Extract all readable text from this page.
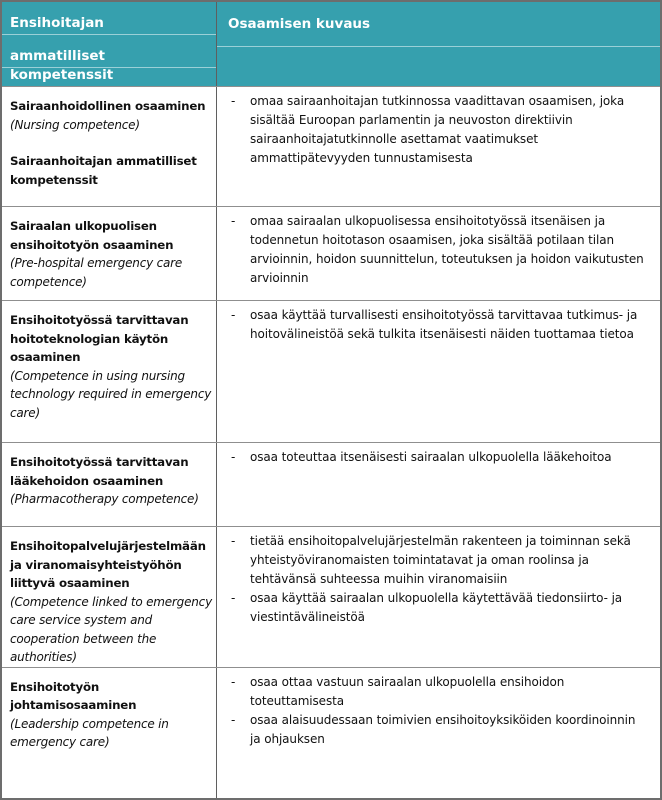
Ensihoitajan
ammatilliset
kompetenssit
Osaamisen kuvaus
Sairaanhoidollinen osaaminen
(Nursing competence)
Sairaanhoitajan ammatilliset kompetenssit
-	omaa sairaanhoitajan tutkinnossa vaadittavan osaamisen, joka sisältää Euroopan parlamentin ja neuvoston direktiivin sairaanhoitajatutkinnolle asettamat vaatimukset ammattipätevyyden tunnustamisesta
Sairaalan ulkopuolisen ensihoitotyön osaaminen
(Pre-hospital emergency care competence)
-	omaa sairaalan ulkopuolisessa ensihoitotyössä itsenäisen ja todennetun hoitotason osaamisen, joka sisältää potilaan tilan arvioinnin, hoidon suunnittelun, toteutuksen ja hoidon vaikutusten arvioinnin
Ensihoitotyössä tarvittavan hoitoteknologian käytön osaaminen
(Competence in using nursing technology required in emergency care)
-	osaa käyttää turvallisesti ensihoitotyössä tarvittavaa tutkimus- ja hoitovälineistöä sekä tulkita itsenäisesti näiden tuottamaa tietoa
Ensihoitotyössä tarvittavan lääkehoidon osaaminen
(Pharmacotherapy competence)
-	osaa toteuttaa itsenäisesti sairaalan ulkopuolella lääkehoitoa
Ensihoitopalvelujärjestelmään ja viranomaisyhteistyöhön liittyvä osaaminen
(Competence linked to emergency care service system and cooperation between the authorities)
-	tietää ensihoitopalvelujärjestelmän rakenteen ja toiminnan sekä yhteistyöviranomaisten toimintatavat ja oman roolinsa ja tehtävänsä suhteessa muihin viranomaisiin
-	osaa käyttää sairaalan ulkopuolella käytettävää tiedonsiirto- ja viestintävälineistöä
Ensihoitotyön johtamisosaaminen
(Leadership competence in emergency care)
-	osaa ottaa vastuun sairaalan ulkopuolella ensihoidon toteuttamisesta
-	osaa alaisuudessaan toimivien ensihoitoyksiköiden koordinoinnin ja ohjauksen
